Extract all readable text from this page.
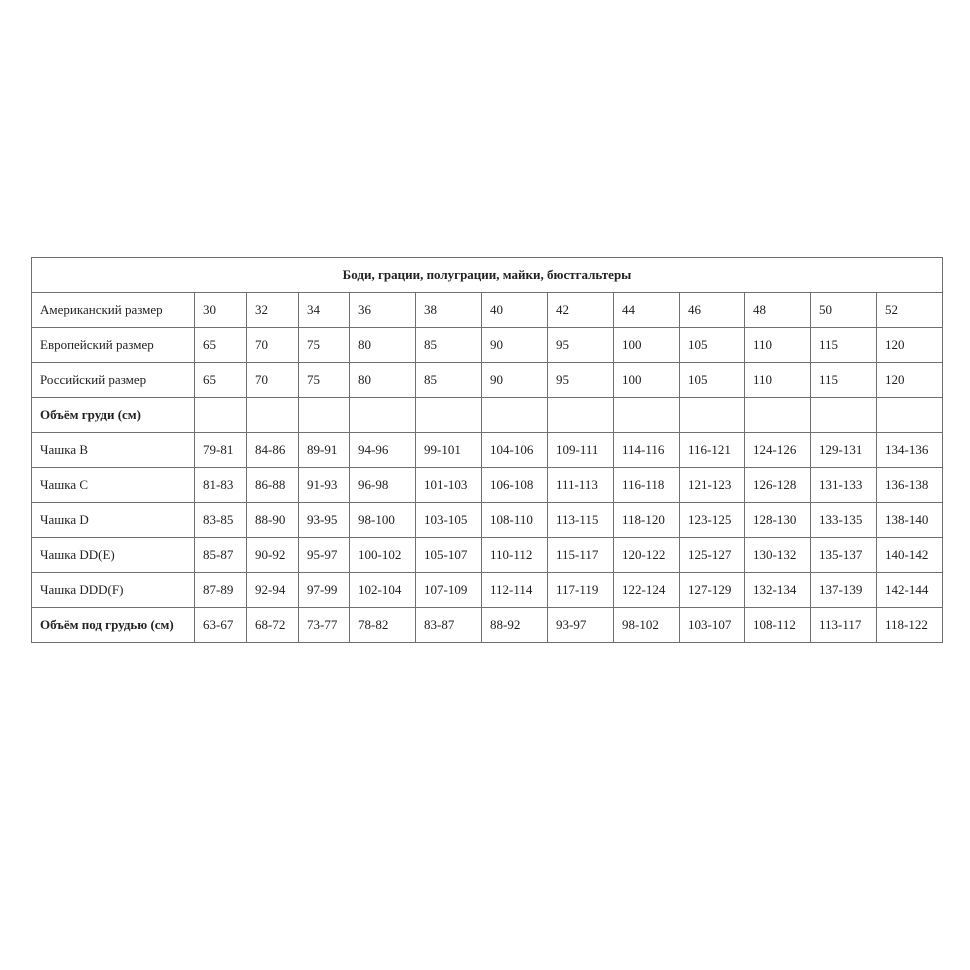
Боди, грации, полуграции, майки, бюстгальтеры												
Американский размер	30	32	34	36	38	40	42	44	46	48	50	52
Европейский размер	65	70	75	80	85	90	95	100	105	110	115	120
Российский размер	65	70	75	80	85	90	95	100	105	110	115	120
Объём груди (см)												
Чашка B	79-81	84-86	89-91	94-96	99-101	104-106	109-111	114-116	116-121	124-126	129-131	134-136
Чашка C	81-83	86-88	91-93	96-98	101-103	106-108	111-113	116-118	121-123	126-128	131-133	136-138
Чашка D	83-85	88-90	93-95	98-100	103-105	108-110	113-115	118-120	123-125	128-130	133-135	138-140
Чашка DD(E)	85-87	90-92	95-97	100-102	105-107	110-112	115-117	120-122	125-127	130-132	135-137	140-142
Чашка DDD(F)	87-89	92-94	97-99	102-104	107-109	112-114	117-119	122-124	127-129	132-134	137-139	142-144
Объём под грудью (см)	63-67	68-72	73-77	78-82	83-87	88-92	93-97	98-102	103-107	108-112	113-117	118-122
